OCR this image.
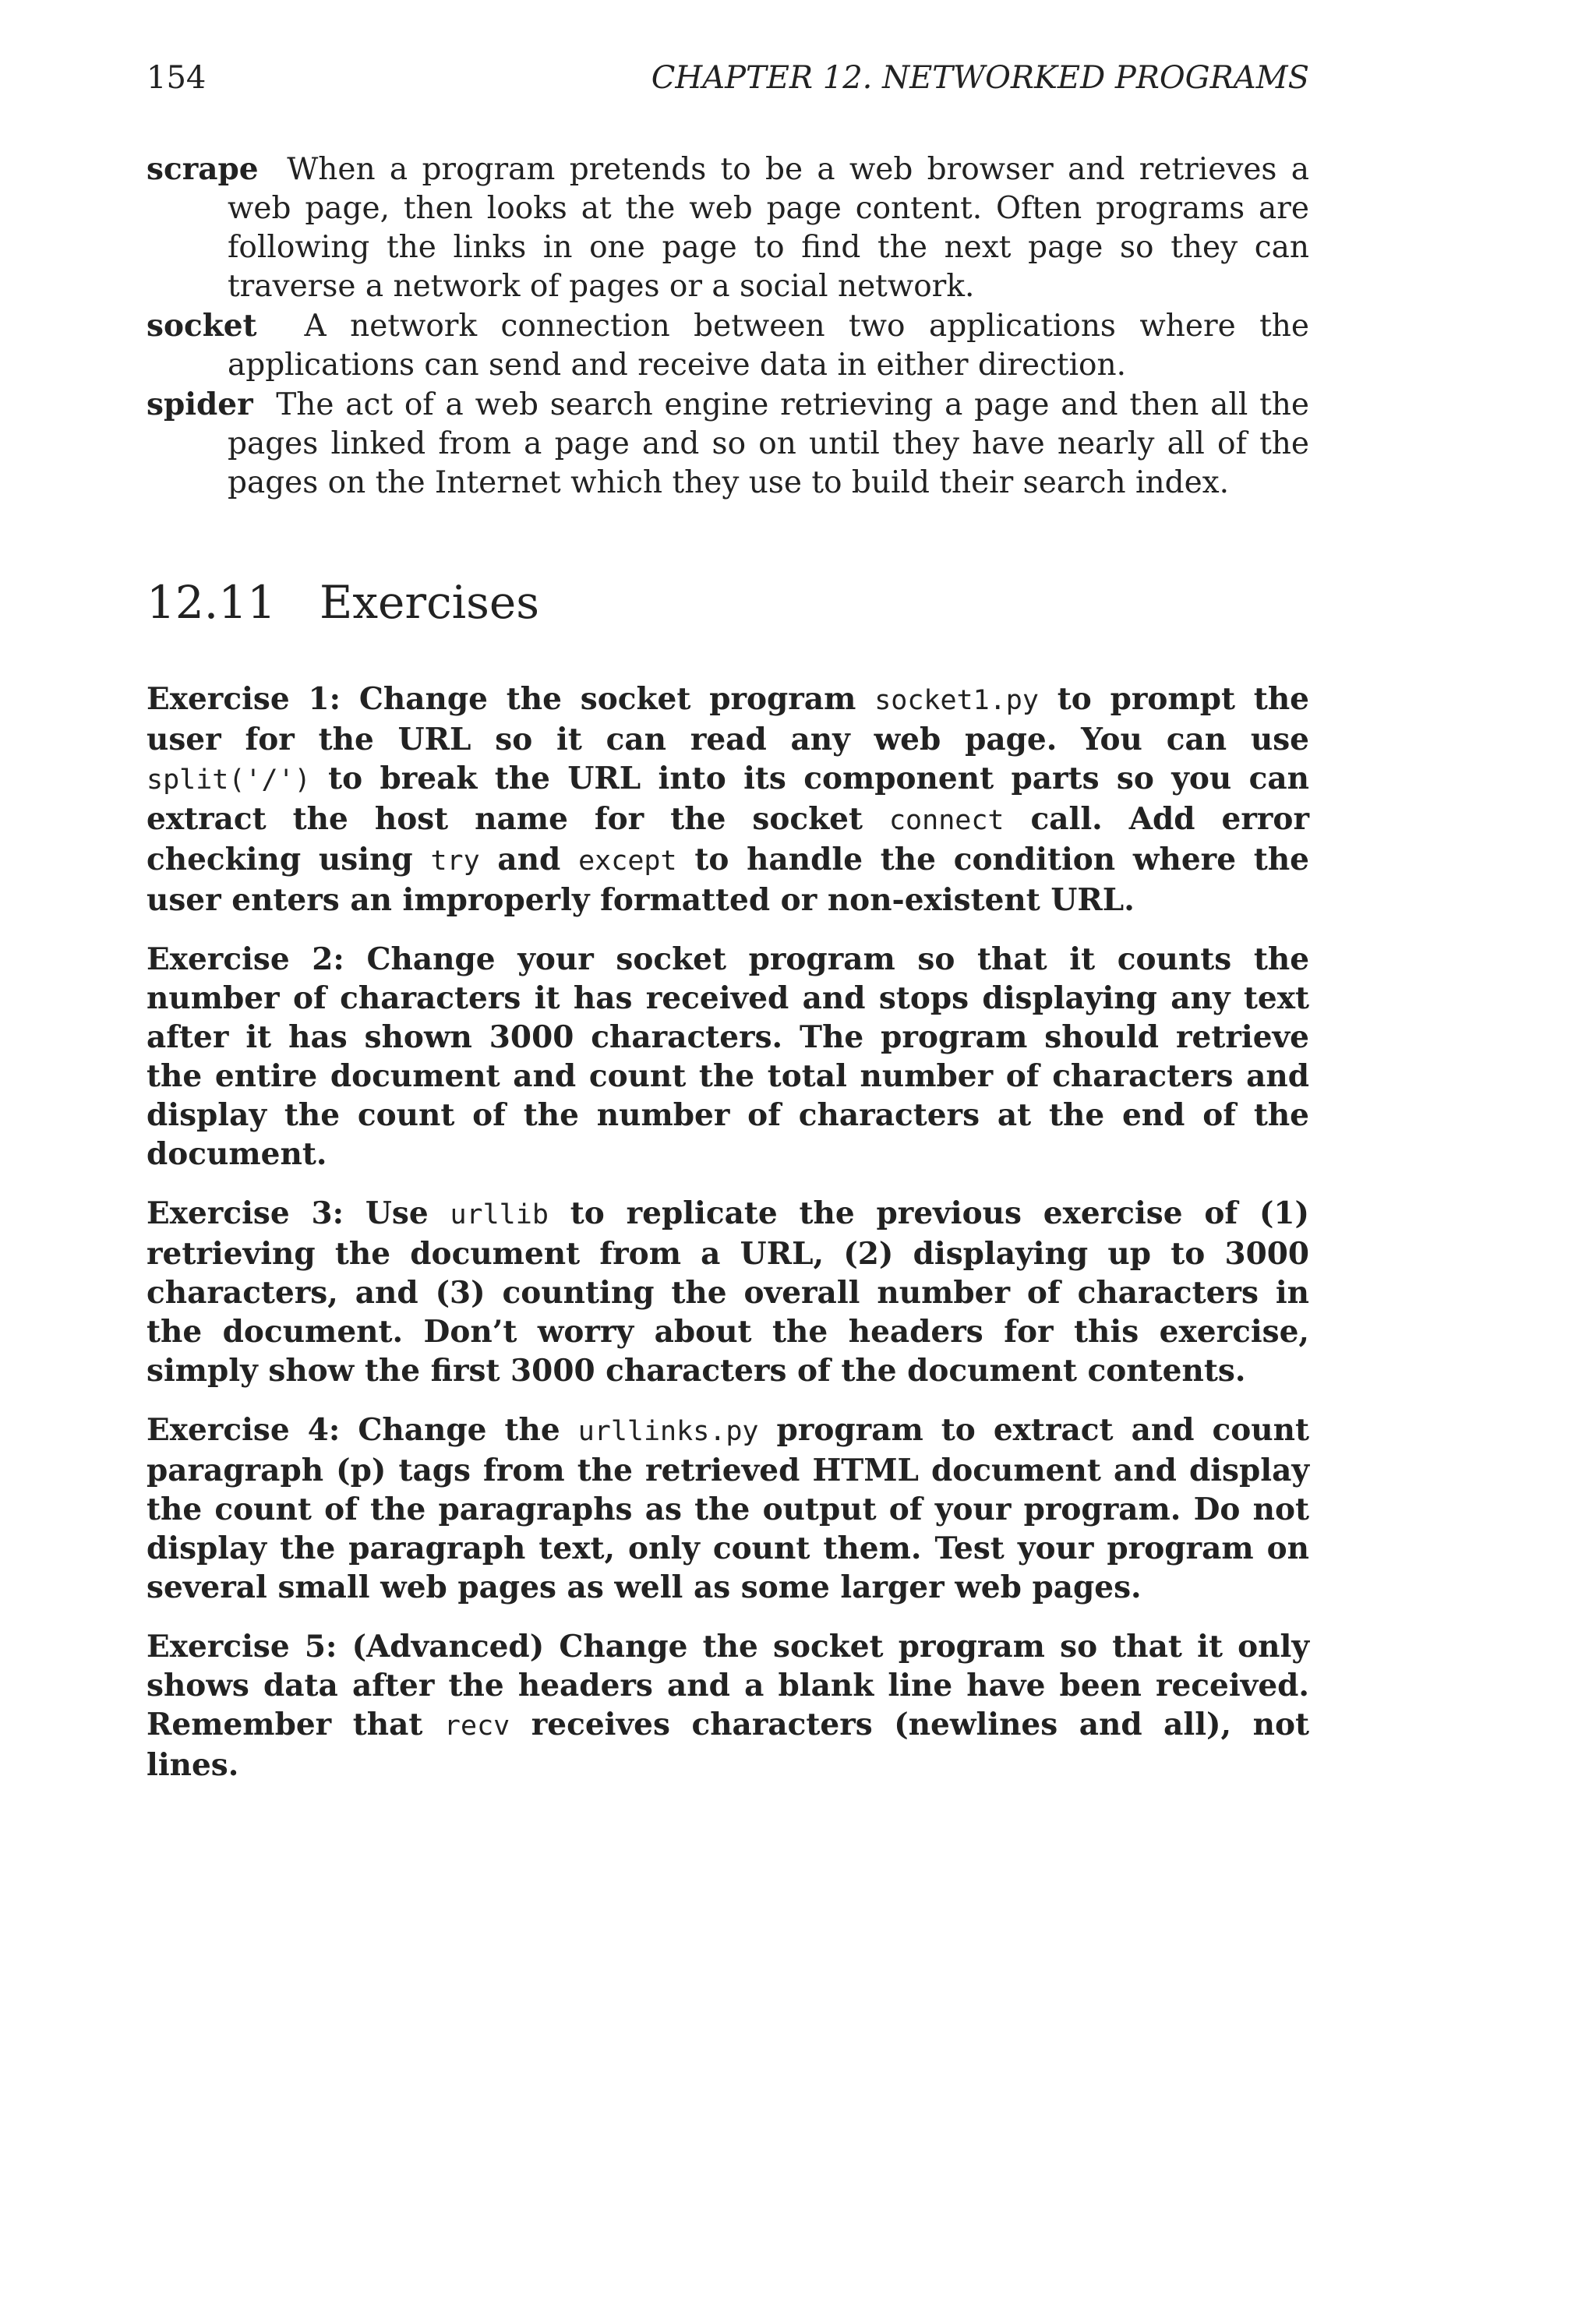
154	CHAPTER 12. NETWORKED PROGRAMS

scrape When a program pretends to be a web browser and retrieves a web page, then looks at the web page content. Often programs are following the links in one page to find the next page so they can traverse a network of pages or a social network.

socket A network connection between two applications where the applications can send and receive data in either direction.

spider The act of a web search engine retrieving a page and then all the pages linked from a page and so on until they have nearly all of the pages on the Internet which they use to build their search index.

12.11 Exercises

Exercise 1: Change the socket program socket1.py to prompt the user for the URL so it can read any web page. You can use split('/') to break the URL into its component parts so you can extract the host name for the socket connect call. Add error checking using try and except to handle the condition where the user enters an improperly formatted or non-existent URL.

Exercise 2: Change your socket program so that it counts the number of characters it has received and stops displaying any text after it has shown 3000 characters. The program should retrieve the entire document and count the total number of characters and display the count of the number of characters at the end of the document.

Exercise 3: Use urllib to replicate the previous exercise of (1) retrieving the document from a URL, (2) displaying up to 3000 characters, and (3) counting the overall number of characters in the document. Don’t worry about the headers for this exercise, simply show the first 3000 characters of the document contents.

Exercise 4: Change the urllinks.py program to extract and count paragraph (p) tags from the retrieved HTML document and display the count of the paragraphs as the output of your program. Do not display the paragraph text, only count them. Test your program on several small web pages as well as some larger web pages.

Exercise 5: (Advanced) Change the socket program so that it only shows data after the headers and a blank line have been received. Remember that recv receives characters (newlines and all), not lines.
